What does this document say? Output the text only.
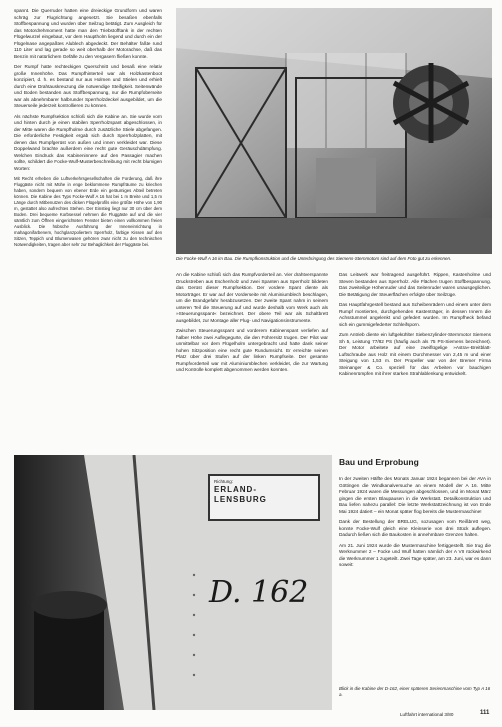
spannt. Die Querruder hatten eine dreieckige Grundform und waren schräg zur Flugrichtung angesetzt. Sie besaßen ebenfalls Stoffbespannung und wurden über Seilzug betätigt. Zum Ausgleich für das Motordrehmoment hatte man den Triebstofftank in der rechten Flügelwurzel eingebaut, vor dem Hauptholm liegend und durch ein der Flügelnase angepaßtes Alublech abgedeckt. Der Behälter faßte rund 110 Liter und lag gerade so weit oberhalb der Motorachse, daß das Benzin mit natürlichem Gefälle zu den Vergasern fließen konnte.

Der Rumpf hatte rechteckigen Querschnitt und besaß eine relativ große Innenhöhe. Das Rumpfhinterteil war als Holzkastenboot konzipiert, d. h. es bestand nur aus Holmen und Stielen und erhielt durch eine Drahtauskreuzung die notwendige Steifigkeit. Seitenwände und Boden bestanden aus Stoffbespannung, nur die Rumpfoberseite war als abnehmbarer halbrunder Sperrholzdeckel ausgebildet, um die Steuerseile jederzeit kontrollieren zu können.

Als nächste Rumpfsektion schloß sich die Kabine an. Sie wurde vorn und hinten durch je einen stabilen Sperrholzspant abgeschlossen, in der Mitte waren die Rumpfholme durch zusätzliche Stiele abgefangen. Die erforderliche Festigkeit ergab sich durch Sperrholzplatten, mit denen das Rumpfgerüst von außen und innen verkleidet war. Diese Doppelwand brachte außerdem eine recht gute Geräuschdämpfung. Welchen Eindruck das Kabineninnere auf den Passagier machen sollte, schildert die Focke-Wulf-Musterbeschreibung mit recht blumigen Worten:

Mit Recht erheben die Luftverkehrsgesellschaften die Forderung, daß ihre Fluggäste nicht mit Mühe in enge beklommene Rumpfräume zu kriechen haben, sondern bequem von ebener Erde ein geräumiges Abteil betreten können. Die Kabine des Typs Focke-Wulf A 16 hat bei 1 m Breite und 1,5 m Länge durch Mitbenutzen des dicken Flügelprofils eine größte Höhe von 1,90 m, gestattet also aufrechtes Stehen. Der Einstieg liegt nur 30 cm über dem Boden. Drei bequeme Korbsessel nehmen die Fluggäste auf und die vier sämtlich zum Öffnen eingerichteten Fenster bieten einen vollkommen freien Ausblick. Die hübsche Ausführung der Inneneinrichtung in mahagonifarbenem, hochglanzpoliertem Sperrholz, farbige Kissen auf den Sitzen, Teppich und Blumenvasen gehören zwar nicht zu den technischen Notwendigkeiten, tragen aber sehr zur Behaglichkeit der Fluggäste bei.

Die Focke-Wulf A 16 im Bau. Die Rumpfkonstruktion und die Unterbringung des Siemens-Sternmotors sind auf dem Foto gut zu erkennen.

An die Kabine schloß sich das Rumpfvorderteil an. Vier drahtverspannte Druckstreben aus Eschenholz und zwei Spanten aus Sperrholz bildeten das Gerüst dieser Rumpfsektion. Der vordere Spant diente als Motorträger. Er war auf der Vorderseite mit Aluminiumblech beschlagen, um die Brandgefahr herabzusetzen. Der zweite Spant nahm in seinem unteren Teil die Steuerung auf und wurde deshalb vom Werk auch als »Steuerungsspant« bezeichnet. Der obere Teil war als Schaltbrett ausgebildet, zur Montage aller Flug- und Navigationsinstrumente.

Zwischen Steuerungsspant und vorderem Kabinenspant verliefen auf halber Höhe zwei Auflegegurte, die den Führersitz trugen. Der Pilot war unmittelbar vor dem Flügelholm untergebracht und hatte dank seiner hohen Sitzposition eine recht gute Rundumsicht. Er erreichte seinen Platz über drei Stufen auf der linken Rumpfseite. Der gesamte Rumpfvorderteil war mit Aluminiumblechen verkleidet, die zur Wartung und Kontrolle komplett abgenommen werden konnten.

Das Leitwerk war freitragend ausgeführt. Rippen, Kastenholme und Steven bestanden aus Sperrholz. Alle Flächen trugen Stoffbespannung. Das zweiteilige Höhenruder und das Seitenruder waren unausgeglichen. Die Betätigung der Steuerflächen erfolgte über Seilzüge.

Das Hauptfahrgestell bestand aus Scheibenrädern und einem unter dem Rumpf montierten, durchgehenden Kastenträger, in dessen Innern die Achsstummel angelenkt und gefedert wurden. Im Rumpfheck befand sich ein gummigefederter Schleifsporn.

Zum Antrieb diente ein luftgekühlter Siebenzylinder-Sternmotor Siemens Sh 5, Leistung 77/82 PS (häufig auch als 75 PS-Siemens bezeichnet). Der Motor arbeitete auf eine zweiflügelige »Astra«-Breitblatt-Luftschraube aus Holz mit einem Durchmesser von 2,45 m und einer Steigung von 1,53 m. Der Propeller war von der Bremer Firma Steinanger & Co. speziell für das Arbeiten vor bauchigen Kabinenrümpfen mit ihrer starken Strahlablenkung entwickelt.

Bau und Erprobung

In der zweiten Hälfte des Monats Januar 1924 begannen bei der AVA in Göttingen die Windkanalversuche an einem Modell der A 16. Mitte Februar 1924 waren die Messungen abgeschlossen, und im Monat März gingen die ersten Blaupausen in die Werkstatt. Detailkonstruktion und Bau liefen nahezu parallel: Die letzte Werkstattzeichnung ist von Ende Mai 1924 datiert – ein Monat später flog bereits die Mustermaschine!

Dank der Bestellung der BRELUG, sozusagen vom Reißbrett weg, konnte Focke-Wulf gleich eine Kleinserie von drei Stück auflegen. Dadurch ließen sich die Baukosten in annehmbare Grenzen halten.

Am 21. Juni 1924 wurde die Mustermaschine fertiggestellt. Sie trug die Werknummer 2 – Focke und Wulf hatten nämlich der A VII rückwirkend die Werknummer 1 zugeteilt. Zwei Tage später, am 23. Juni, war es dann soweit:

Richtung:
ERLAND-
LENSBURG
D. 162
Blick in die Kabine der D-162, einer späteren Serienmaschine vom Typ A 16 a.
Luftfahrt international 3/80	111
